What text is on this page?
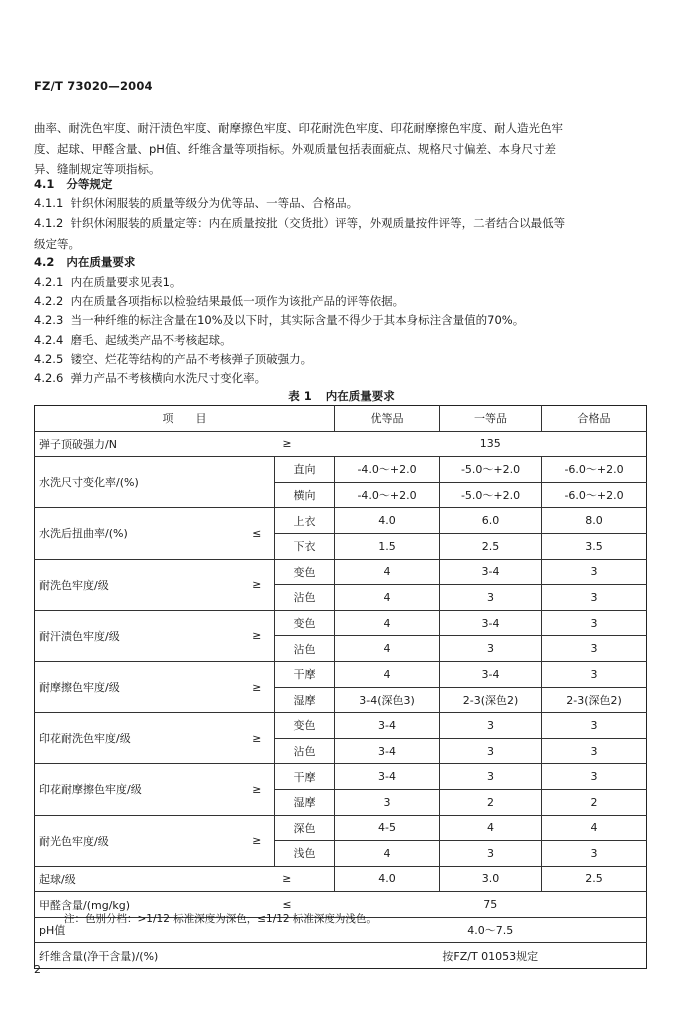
FZ/T 73020—2004
曲率、耐洗色牢度、耐汗渍色牢度、耐摩擦色牢度、印花耐洗色牢度、印花耐摩擦色牢度、耐人造光色牢
度、起球、甲醛含量、pH值、纤维含量等项指标。外观质量包括表面疵点、规格尺寸偏差、本身尺寸差
异、缝制规定等项指标。
4.1 分等规定
4.1.1 针织休闲服装的质量等级分为优等品、一等品、合格品。
4.1.2 针织休闲服装的质量定等：内在质量按批（交货批）评等，外观质量按件评等，二者结合以最低等
级定等。
4.2 内在质量要求
4.2.1 内在质量要求见表1。
4.2.2 内在质量各项指标以检验结果最低一项作为该批产品的评等依据。
4.2.3 当一种纤维的标注含量在10%及以下时，其实际含量不得少于其本身标注含量值的70%。
4.2.4 磨毛、起绒类产品不考核起球。
4.2.5 镂空、烂花等结构的产品不考核弹子顶破强力。
4.2.6 弹力产品不考核横向水洗尺寸变化率。
表 1 内在质量要求
项　　目			优等品	一等品	合格品
弹子顶破强力/N	≥		135		
水洗尺寸变化率/(%)		直向	-4.0～+2.0	-5.0～+2.0	-6.0～+2.0
		横向	-4.0～+2.0	-5.0～+2.0	-6.0～+2.0
水洗后扭曲率/(%)	≤	上衣	4.0	6.0	8.0
		下衣	1.5	2.5	3.5
耐洗色牢度/级	≥	变色	4	3-4	3
		沾色	4	3	3
耐汗渍色牢度/级	≥	变色	4	3-4	3
		沾色	4	3	3
耐摩擦色牢度/级	≥	干摩	4	3-4	3
		湿摩	3-4(深色3)	2-3(深色2)	2-3(深色2)
印花耐洗色牢度/级	≥	变色	3-4	3	3
		沾色	3-4	3	3
印花耐摩擦色牢度/级	≥	干摩	3-4	3	3
		湿摩	3	2	2
耐光色牢度/级	≥	深色	4-5	4	4
		浅色	4	3	3
起球/级	≥		4.0	3.0	2.5
甲醛含量/(mg/kg)	≤		75		
pH值			4.0～7.5		
纤维含量(净干含量)/(%)			按FZ/T 01053规定		
注：色别分档：>1/12 标准深度为深色，≤1/12 标准深度为浅色。
2
